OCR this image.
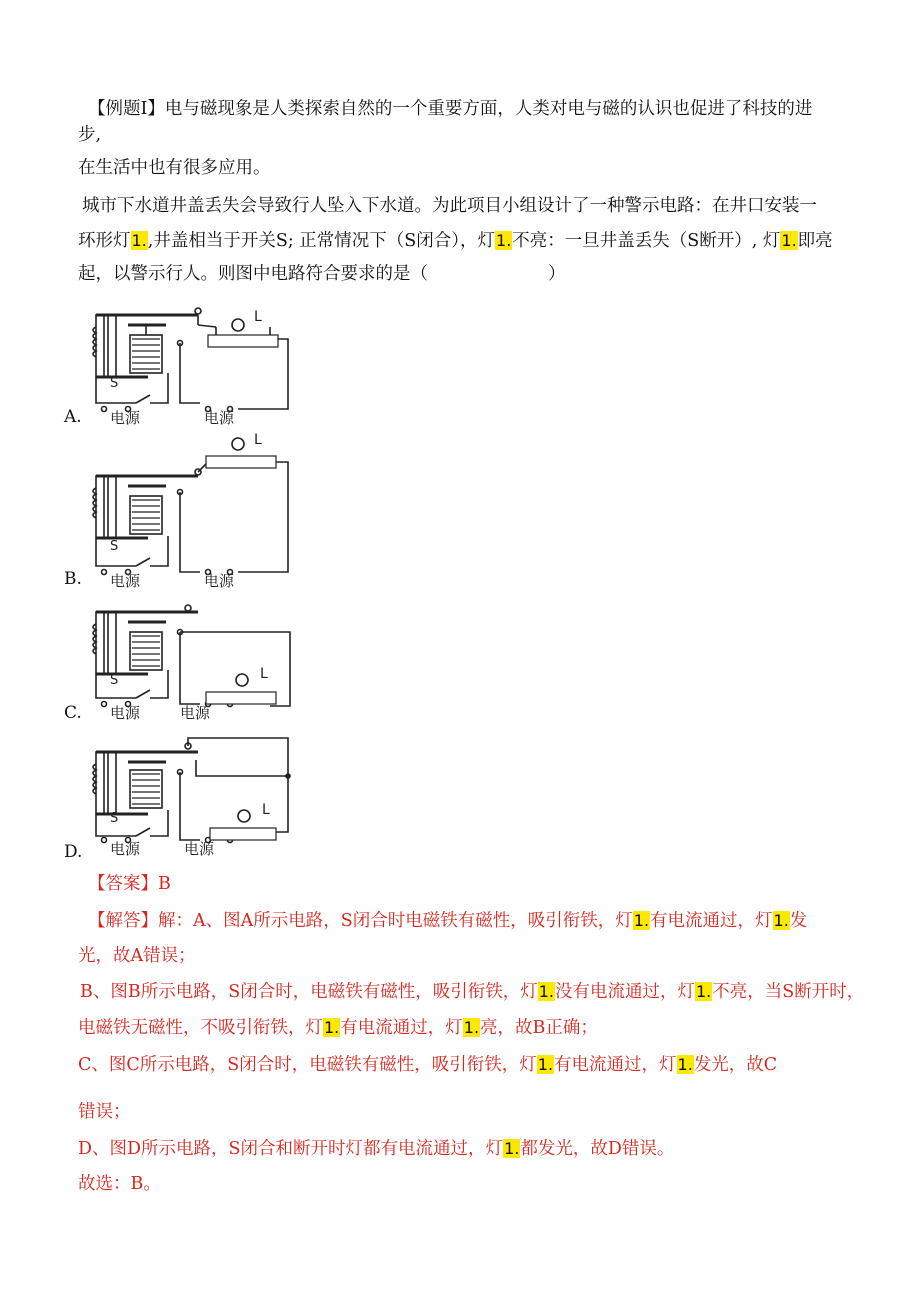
【例题I】电与磁现象是人类探索自然的一个重要方面，人类对电与磁的认识也促进了科技的进
步,
在生活中也有很多应用。
城市下水道井盖丢失会导致行人坠入下水道。为此项目小组设计了一种警示电路：在井口安装一
环形灯1.,井盖相当于开关S; 正常情况下（S闭合），灯1.不亮：一旦井盖丢失（S断开）, 灯1.即亮
起，以警示行人。则图中电路符合要求的是（	）
A.
B.
C.
D.
S
L
电源	电源
S
L
电源	电源
S	L
电源	电源
S
L
电源	电源
【答案】B
【解答】解：A、图A所示电路，S闭合时电磁铁有磁性，吸引衔铁，灯1.有电流通过，灯1.发
光，故A错误；
B、图B所示电路，S闭合时，电磁铁有磁性，吸引衔铁，灯1.没有电流通过，灯1.不亮，当S断开时，
电磁铁无磁性，不吸引衔铁，灯1.有电流通过，灯1.亮，故B正确；
C、图C所示电路，S闭合时，电磁铁有磁性，吸引衔铁，灯1.有电流通过，灯1.发光，故C
错误；
D、图D所示电路，S闭合和断开时灯都有电流通过，灯1.都发光，故D错误。
故选：B。
